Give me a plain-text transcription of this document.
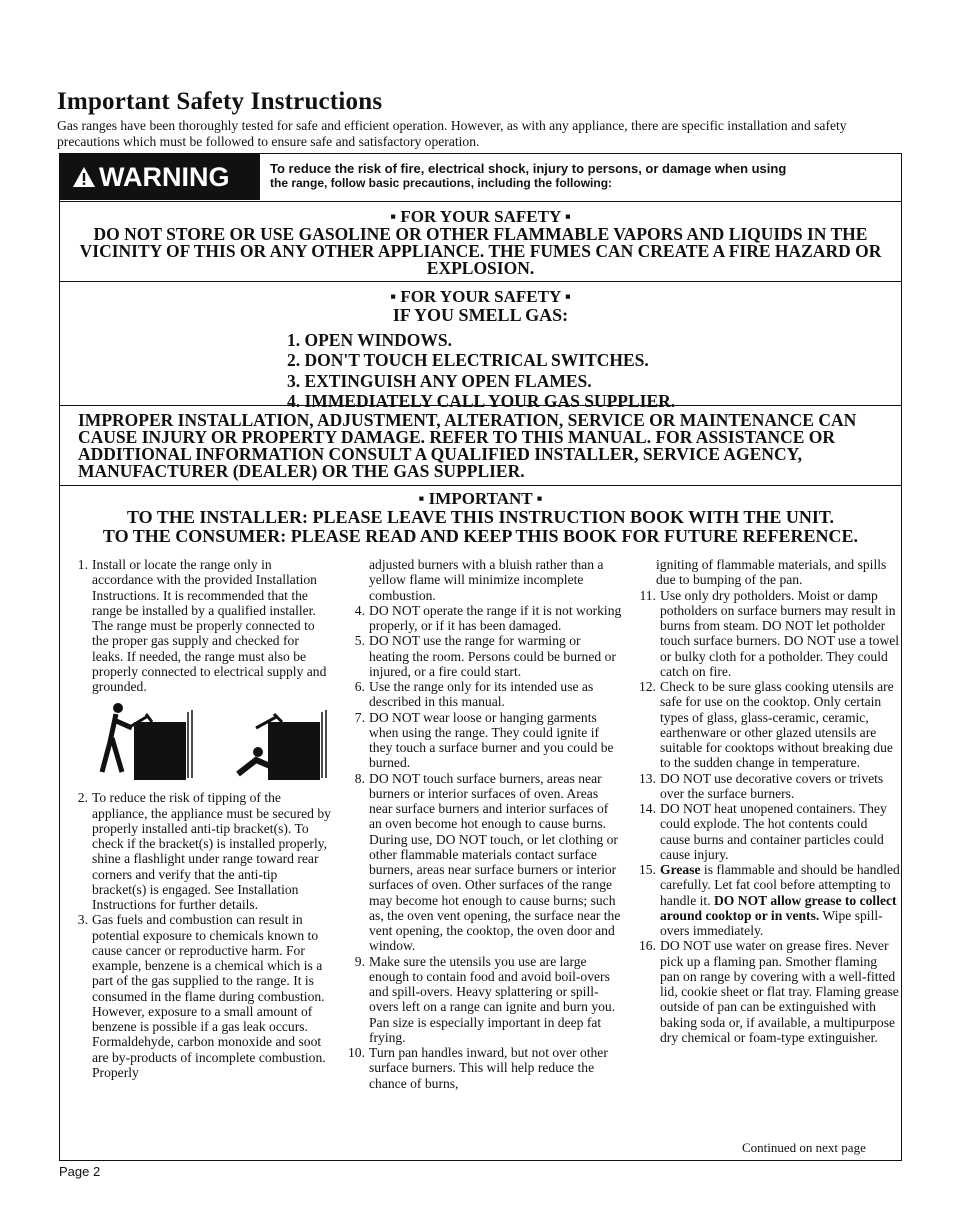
Important Safety Instructions
Gas ranges have been thoroughly tested for safe and efficient operation. However, as with any appliance, there are specific installation and safety precautions which must be followed to ensure safe and satisfactory operation.
WARNING	To reduce the risk of fire, electrical shock, injury to persons, or damage when using
the range, follow basic precautions, including the following:
▪ FOR YOUR SAFETY ▪
DO NOT STORE OR USE GASOLINE OR OTHER FLAMMABLE VAPORS AND LIQUIDS IN THE VICINITY OF THIS OR ANY OTHER APPLIANCE. THE FUMES CAN CREATE A FIRE HAZARD OR EXPLOSION.
▪ FOR YOUR SAFETY ▪
IF YOU SMELL GAS:
1. OPEN WINDOWS.
2. DON'T TOUCH ELECTRICAL SWITCHES.
3. EXTINGUISH ANY OPEN FLAMES.
4. IMMEDIATELY CALL YOUR GAS SUPPLIER.
IMPROPER INSTALLATION, ADJUSTMENT, ALTERATION, SERVICE OR MAINTENANCE CAN CAUSE INJURY OR PROPERTY DAMAGE. REFER TO THIS MANUAL. FOR ASSISTANCE OR ADDITIONAL INFORMATION CONSULT A QUALIFIED INSTALLER, SERVICE AGENCY, MANUFACTURER (DEALER) OR THE GAS SUPPLIER.
▪ IMPORTANT ▪
TO THE INSTALLER: PLEASE LEAVE THIS INSTRUCTION BOOK WITH THE UNIT.
TO THE CONSUMER: PLEASE READ AND KEEP THIS BOOK FOR FUTURE REFERENCE.
1. Install or locate the range only in accordance with the provided Installation Instructions. It is recommended that the range be installed by a qualified installer. The range must be properly connected to the proper gas supply and checked for leaks. If needed, the range must also be properly connected to electrical supply and grounded.
2. To reduce the risk of tipping of the appliance, the appliance must be secured by properly installed anti-tip bracket(s). To check if the bracket(s) is installed properly, shine a flashlight under range toward rear corners and verify that the anti-tip bracket(s) is engaged. See Installation Instructions for further details.
3. Gas fuels and combustion can result in potential exposure to chemicals known to cause cancer or reproductive harm. For example, benzene is a chemical which is a part of the gas supplied to the range. It is consumed in the flame during combustion. However, exposure to a small amount of benzene is possible if a gas leak occurs. Formaldehyde, carbon monoxide and soot are by-products of incomplete combustion. Properly
adjusted burners with a bluish rather than a yellow flame will minimize incomplete combustion.
4. DO NOT operate the range if it is not working properly, or if it has been damaged.
5. DO NOT use the range for warming or heating the room. Persons could be burned or injured, or a fire could start.
6. Use the range only for its intended use as described in this manual.
7. DO NOT wear loose or hanging garments when using the range. They could ignite if they touch a surface burner and you could be burned.
8. DO NOT touch surface burners, areas near burners or interior surfaces of oven. Areas near surface burners and interior surfaces of an oven become hot enough to cause burns. During use, DO NOT touch, or let clothing or other flammable materials contact surface burners, areas near surface burners or interior surfaces of oven. Other surfaces of the range may become hot enough to cause burns; such as, the oven vent opening, the surface near the vent opening, the cooktop, the oven door and window.
9. Make sure the utensils you use are large enough to contain food and avoid boil-overs and spill-overs. Heavy splattering or spill-overs left on a range can ignite and burn you. Pan size is especially important in deep fat frying.
10. Turn pan handles inward, but not over other surface burners. This will help reduce the chance of burns,
igniting of flammable materials, and spills due to bumping of the pan.
11. Use only dry potholders. Moist or damp potholders on surface burners may result in burns from steam. DO NOT let potholder touch surface burners. DO NOT use a towel or bulky cloth for a potholder. They could catch on fire.
12. Check to be sure glass cooking utensils are safe for use on the cooktop. Only certain types of glass, glass-ceramic, ceramic, earthenware or other glazed utensils are suitable for cooktops without breaking due to the sudden change in temperature.
13. DO NOT use decorative covers or trivets over the surface burners.
14. DO NOT heat unopened containers. They could explode. The hot contents could cause burns and container particles could cause injury.
15. Grease is flammable and should be handled carefully. Let fat cool before attempting to handle it. DO NOT allow grease to collect around cooktop or in vents. Wipe spill-overs immediately.
16. DO NOT use water on grease fires. Never pick up a flaming pan. Smother flaming pan on range by covering with a well-fitted lid, cookie sheet or flat tray. Flaming grease outside of pan can be extinguished with baking soda or, if available, a multipurpose dry chemical or foam-type extinguisher.
Continued on next page
Page 2
